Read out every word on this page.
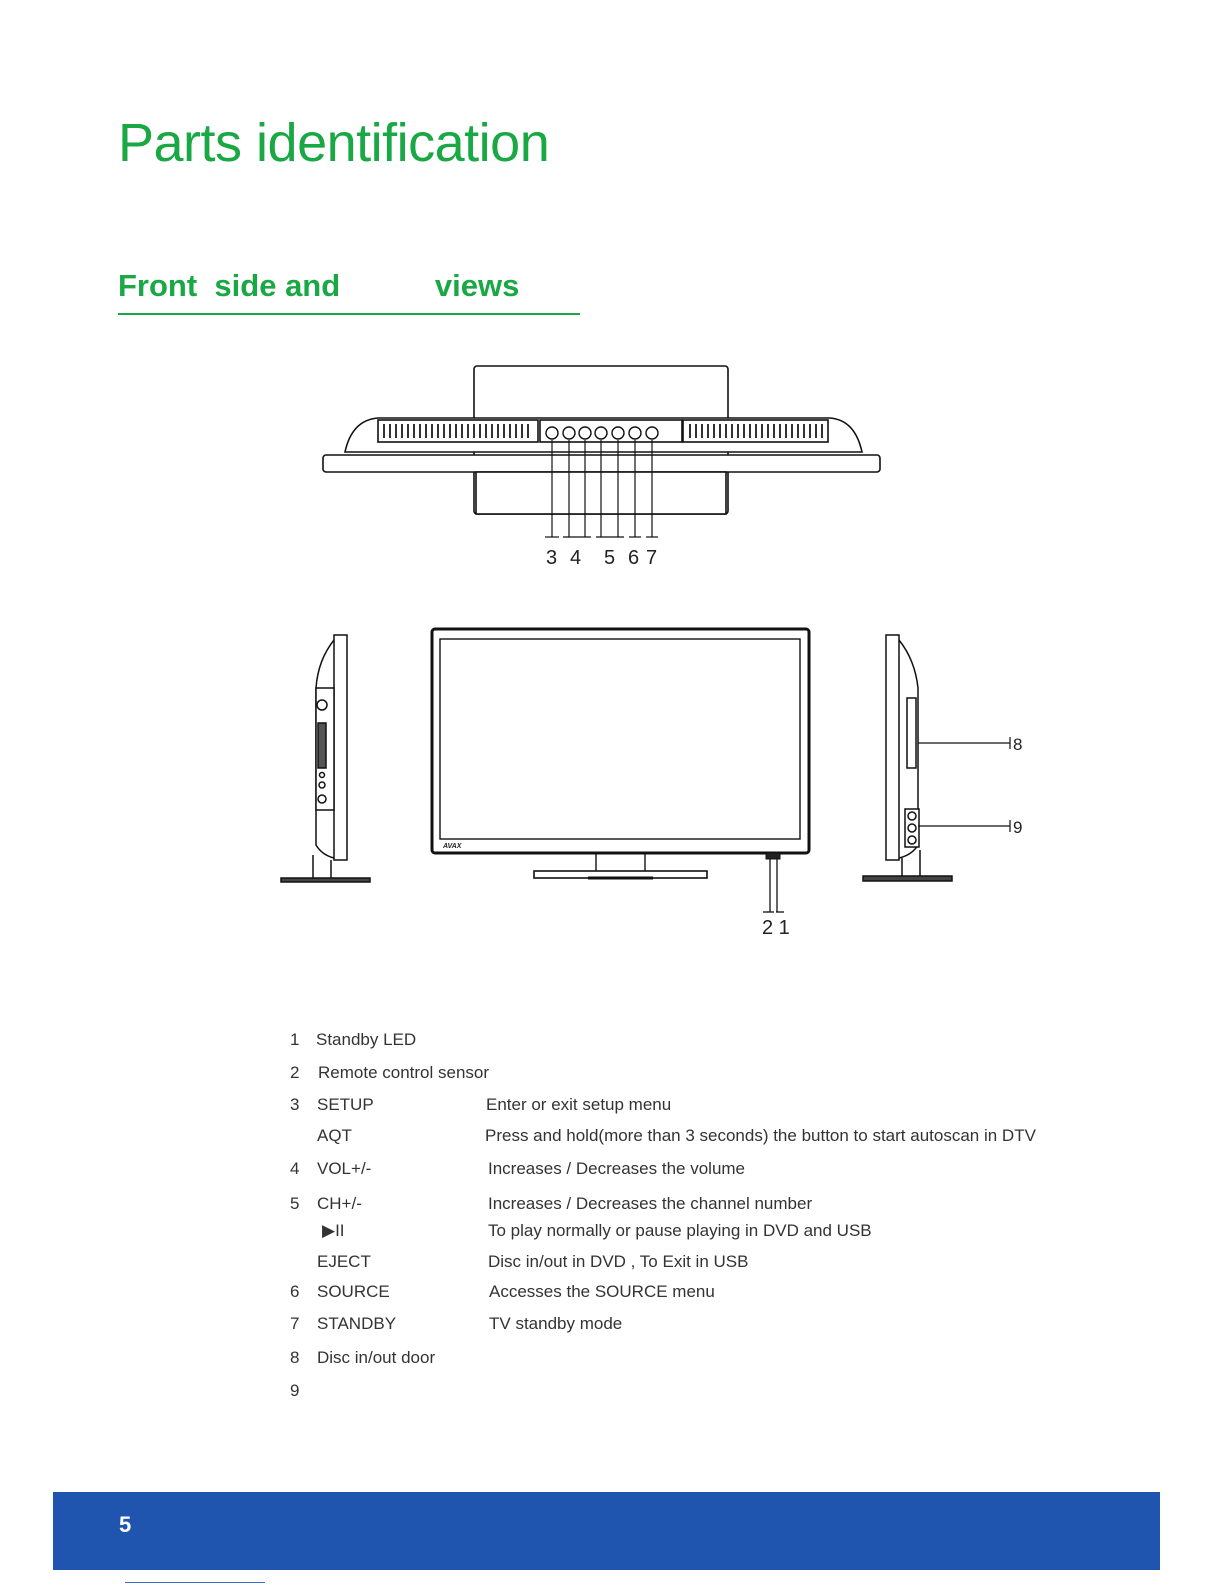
Parts identification
Front  side and           views
3 4 5 6 7
AVAX
2 1
8
9
1 Standby LED
2	Remote control sensor
3	SETUP	Enter or exit setup menu
AQT	Press and hold(more than 3 seconds) the button to start autoscan in DTV
4	VOL+/-	Increases / Decreases the volume
5	CH+/-	Increases / Decreases the channel number
▶II	To play normally or pause playing in DVD and USB
EJECT	Disc in/out in DVD , To Exit in USB
6	SOURCE	Accesses the SOURCE menu
7	STANDBY	TV standby mode
8	Disc in/out door
9
5
